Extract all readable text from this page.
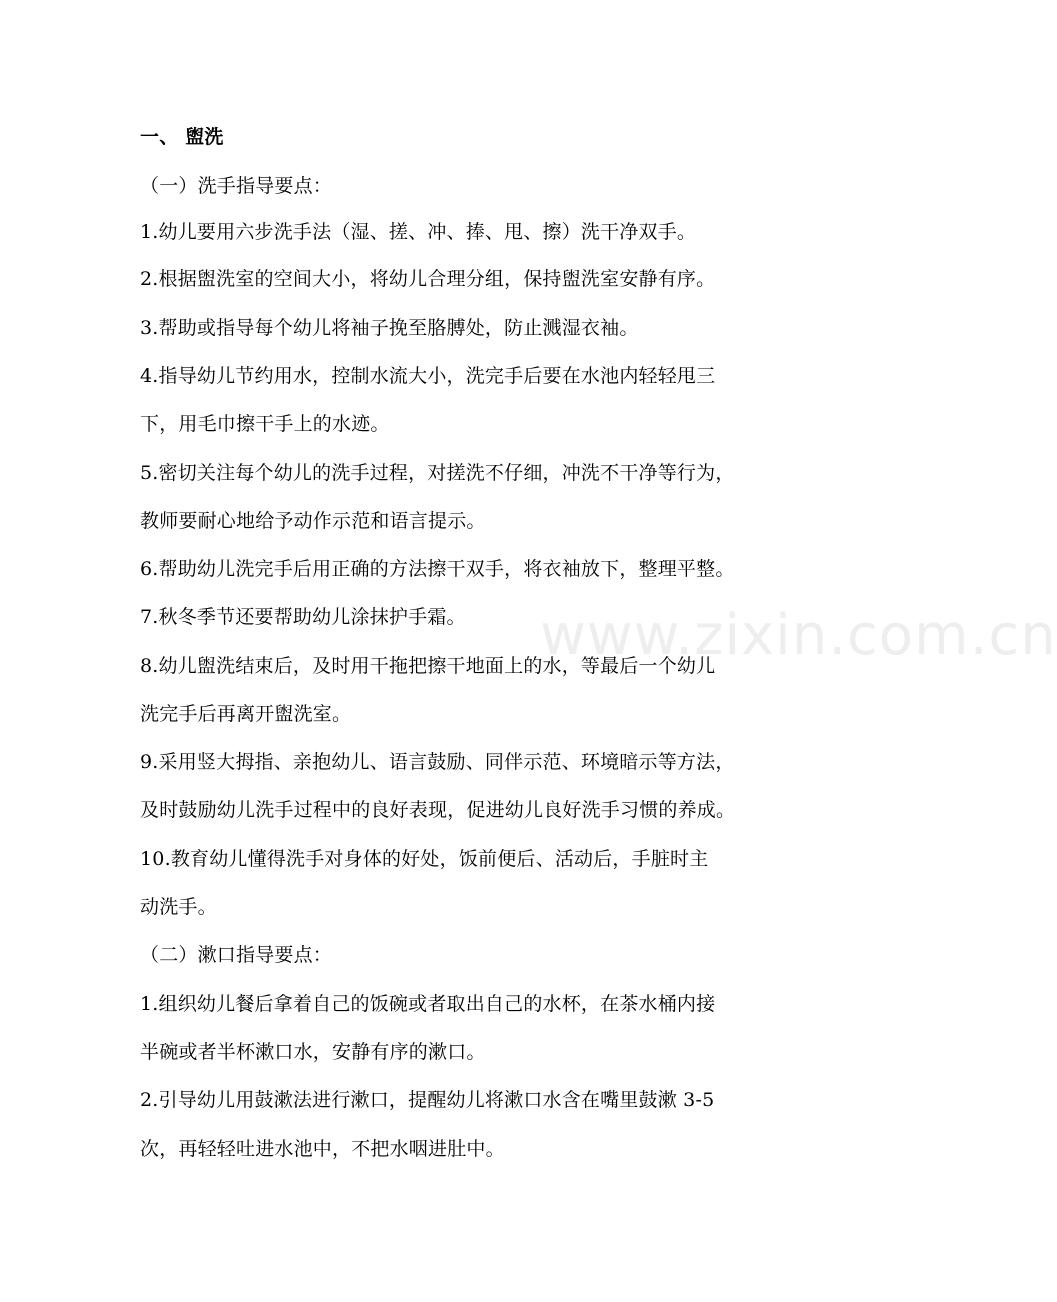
www.zixin.com.cn
一、 盥洗
（一）洗手指导要点：
1.幼儿要用六步洗手法（湿、搓、冲、捧、甩、擦）洗干净双手。
2.根据盥洗室的空间大小，将幼儿合理分组，保持盥洗室安静有序。
3.帮助或指导每个幼儿将袖子挽至胳膊处，防止溅湿衣袖。
4.指导幼儿节约用水，控制水流大小，洗完手后要在水池内轻轻甩三
下，用毛巾擦干手上的水迹。
5.密切关注每个幼儿的洗手过程，对搓洗不仔细，冲洗不干净等行为，
教师要耐心地给予动作示范和语言提示。
6.帮助幼儿洗完手后用正确的方法擦干双手，将衣袖放下，整理平整。
7.秋冬季节还要帮助幼儿涂抹护手霜。
8.幼儿盥洗结束后，及时用干拖把擦干地面上的水，等最后一个幼儿
洗完手后再离开盥洗室。
9.采用竖大拇指、亲抱幼儿、语言鼓励、同伴示范、环境暗示等方法，
及时鼓励幼儿洗手过程中的良好表现，促进幼儿良好洗手习惯的养成。
10.教育幼儿懂得洗手对身体的好处，饭前便后、活动后，手脏时主
动洗手。
（二）漱口指导要点：
1.组织幼儿餐后拿着自己的饭碗或者取出自己的水杯，在茶水桶内接
半碗或者半杯漱口水，安静有序的漱口。
2.引导幼儿用鼓漱法进行漱口，提醒幼儿将漱口水含在嘴里鼓漱 3-5
次，再轻轻吐进水池中，不把水咽进肚中。
